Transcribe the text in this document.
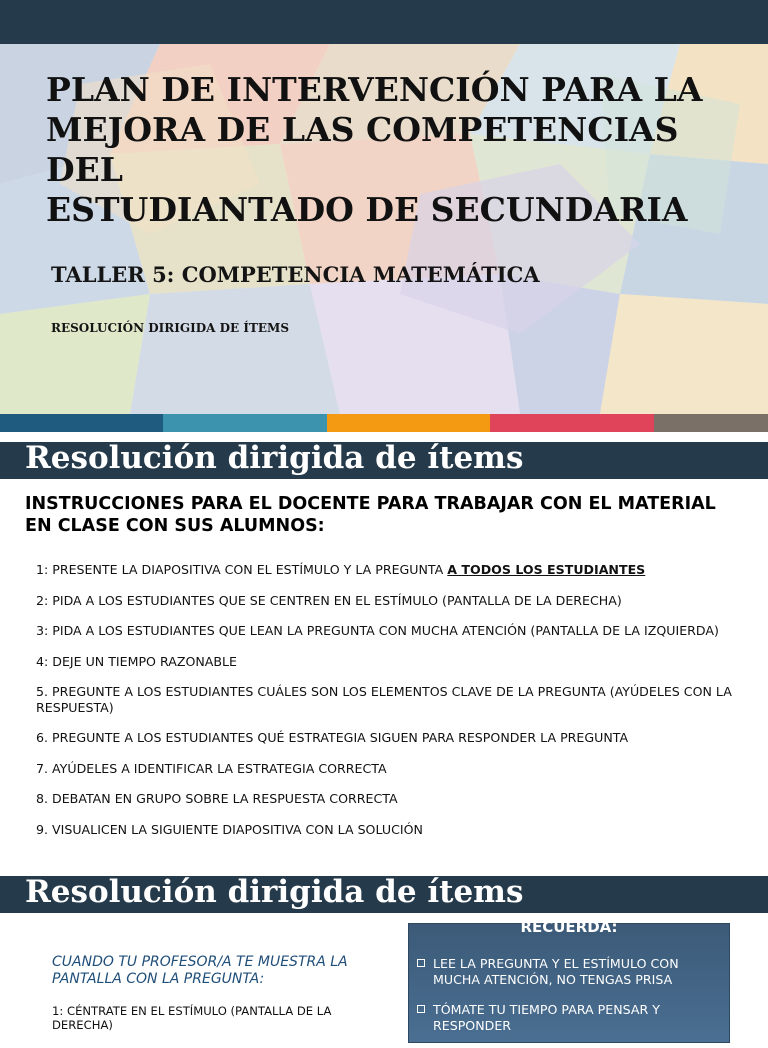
PLAN DE INTERVENCIÓN PARA LA
MEJORA DE LAS COMPETENCIAS DEL
ESTUDIANTADO DE SECUNDARIA
TALLER 5: COMPETENCIA MATEMÁTICA
RESOLUCIÓN DIRIGIDA DE ÍTEMS
Resolución dirigida de ítems
INSTRUCCIONES PARA EL DOCENTE PARA TRABAJAR CON EL MATERIAL EN CLASE CON SUS ALUMNOS:
1: PRESENTE LA DIAPOSITIVA CON EL ESTÍMULO Y LA PREGUNTA A TODOS LOS ESTUDIANTES
2: PIDA A LOS ESTUDIANTES QUE SE CENTREN EN EL ESTÍMULO (PANTALLA DE LA DERECHA)
3: PIDA A LOS ESTUDIANTES QUE LEAN LA PREGUNTA CON MUCHA ATENCIÓN (PANTALLA DE LA IZQUIERDA)
4: DEJE UN TIEMPO RAZONABLE
5. PREGUNTE A LOS ESTUDIANTES CUÁLES SON LOS ELEMENTOS CLAVE DE LA PREGUNTA (AYÚDELES CON LA RESPUESTA)
6. PREGUNTE A LOS ESTUDIANTES QUÉ ESTRATEGIA SIGUEN PARA RESPONDER LA PREGUNTA
7. AYÚDELES A IDENTIFICAR LA ESTRATEGIA CORRECTA
8. DEBATAN EN GRUPO SOBRE LA RESPUESTA CORRECTA
9. VISUALICEN LA SIGUIENTE DIAPOSITIVA CON LA SOLUCIÓN
Resolución dirigida de ítems
CUANDO TU PROFESOR/A TE MUESTRA LA PANTALLA CON LA PREGUNTA:
1: CÉNTRATE EN EL ESTÍMULO (PANTALLA DE LA DERECHA)
RECUERDA:
LEE LA PREGUNTA Y EL ESTÍMULO CON MUCHA ATENCIÓN, NO TENGAS PRISA
TÓMATE TU TIEMPO PARA PENSAR Y RESPONDER
